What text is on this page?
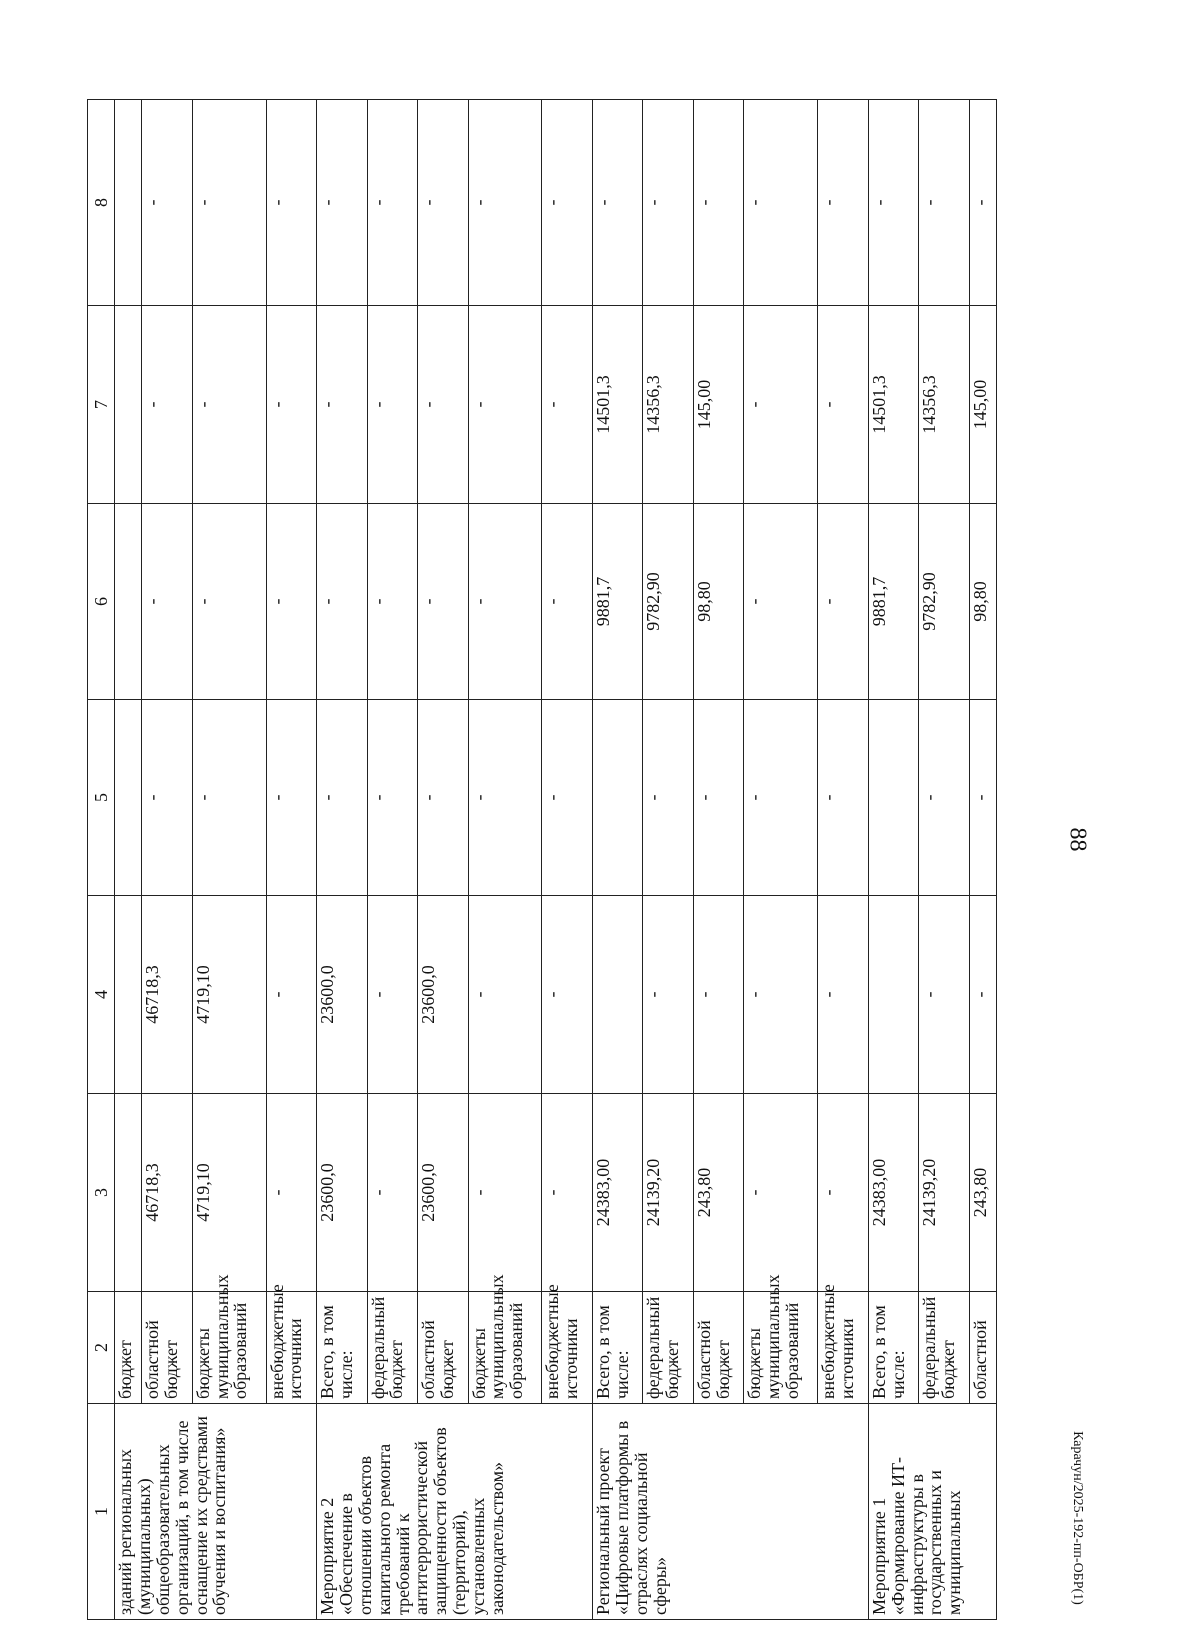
88
Карачун/2025-192-пп-ОБР(1)
1	2	3	4	5	6	7	8
зданий региональных (муниципальных) общеобразовательных организаций, в том числе оснащение их средствами обучения и воспитания»	бюджет						
	областной бюджет	46718,3	46718,3	-	-	-	-
	бюджеты муниципальных образований	4719,10	4719,10	-	-	-	-
	внебюджетные источники	-	-	-	-	-	-
Мероприятие 2 «Обеспечение в отношении объектов капитального ремонта требований к антитеррористической защищенности объектов (территорий), установленных законодательством»	Всего, в том числе:	23600,0	23600,0	-	-	-	-
	федеральный бюджет	-	-	-	-	-	-
	областной бюджет	23600,0	23600,0	-	-	-	-
	бюджеты муниципальных образований	-	-	-	-	-	-
	внебюджетные источники	-	-	-	-	-	-
Региональный проект «Цифровые платформы в отраслях социальной сферы»	Всего, в том числе:	24383,00			9881,7	14501,3	-
	федеральный бюджет	24139,20	-	-	9782,90	14356,3	-
	областной бюджет	243,80	-	-	98,80	145,00	-
	бюджеты муниципальных образований	-	-	-	-	-	-
	внебюджетные источники	-	-	-	-	-	-
Мероприятие 1 «Формирование ИТ-инфраструктуры в государственных и муниципальных	Всего, в том числе:	24383,00			9881,7	14501,3	-
	федеральный бюджет	24139,20	-	-	9782,90	14356,3	-
	областной	243,80	-	-	98,80	145,00	-
